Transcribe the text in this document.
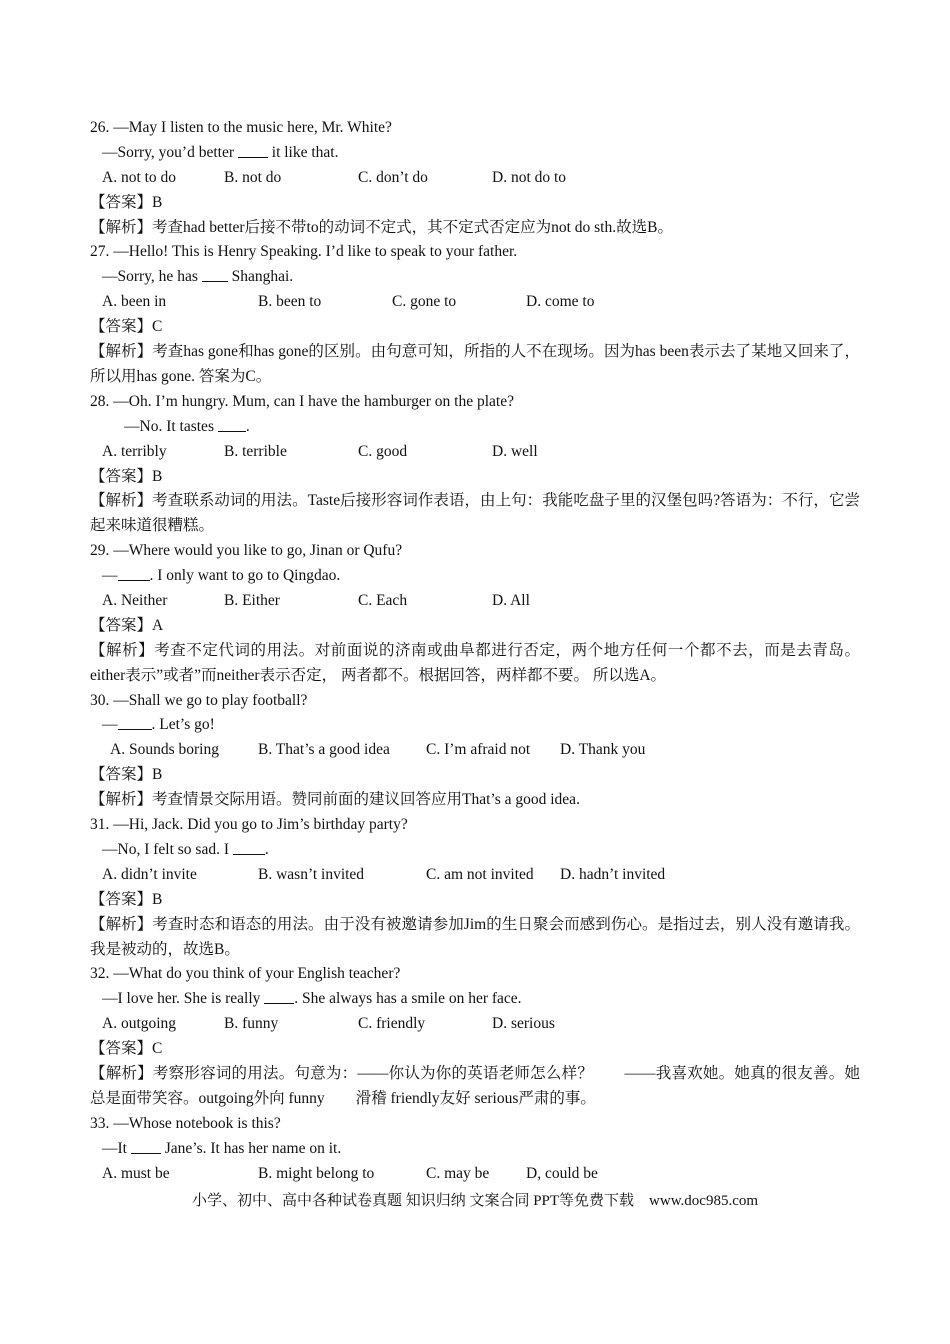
26. —May I listen to the music here, Mr. White?
—Sorry, you’d better  it like that.
A. not to do	B. not do	C. don’t do	D. not do to
【答案】B
【解析】考查had better后接不带to的动词不定式，其不定式否定应为not do sth.故选B。
27. —Hello! This is Henry Speaking. I’d like to speak to your father.
—Sorry, he has  Shanghai.
A. been in	B. been to	C. gone to	D. come to
【答案】C
【解析】考查has gone和has gone的区别。由句意可知，所指的人不在现场。因为has been表示去了某地又回来了，所以用has gone. 答案为C。
28. —Oh. I’m hungry. Mum, can I have the hamburger on the plate?
—No. It tastes .
A. terribly	B. terrible	C. good	D. well
【答案】B
【解析】考查联系动词的用法。Taste后接形容词作表语，由上句：我能吃盘子里的汉堡包吗?答语为：不行，它尝起来味道很糟糕。
29. —Where would you like to go, Jinan or Qufu?
— . I only want to go to Qingdao.
A. Neither	B. Either	C. Each	D. All
【答案】A
【解析】考查不定代词的用法。对前面说的济南或曲阜都进行否定，两个地方任何一个都不去，而是去青岛。 either表示”或者”而neither表示否定， 两者都不。根据回答，两样都不要。 所以选A。
30. —Shall we go to play football?
— . Let’s go!
A. Sounds boring	B. That’s a good idea C. I’m afraid not D. Thank you
【答案】B
【解析】考查情景交际用语。赞同前面的建议回答应用That’s a good idea.
31. —Hi, Jack. Did you go to Jim’s birthday party?
—No, I felt so sad. I .
A. didn’t invite	B. wasn’t invited	C. am not invited D. hadn’t invited
【答案】B
【解析】考查时态和语态的用法。由于没有被邀请参加Jim的生日聚会而感到伤心。是指过去，别人没有邀请我。我是被动的，故选B。
32. —What do you think of your English teacher?
—I love her. She is really . She always has a smile on her face.
A. outgoing	B. funny	C. friendly	D. serious
【答案】C
【解析】考察形容词的用法。句意为：——你认为你的英语老师怎么样？　　——我喜欢她。她真的很友善。她总是面带笑容。outgoing外向 funny　　滑稽 friendly友好 serious严肃的事。
33. —Whose notebook is this?
—It  Jane’s. It has her name on it.
A. must be	B. might belong to	C. may be D, could be
小学、初中、高中各种试卷真题 知识归纳 文案合同 PPT等免费下载　www.doc985.com
